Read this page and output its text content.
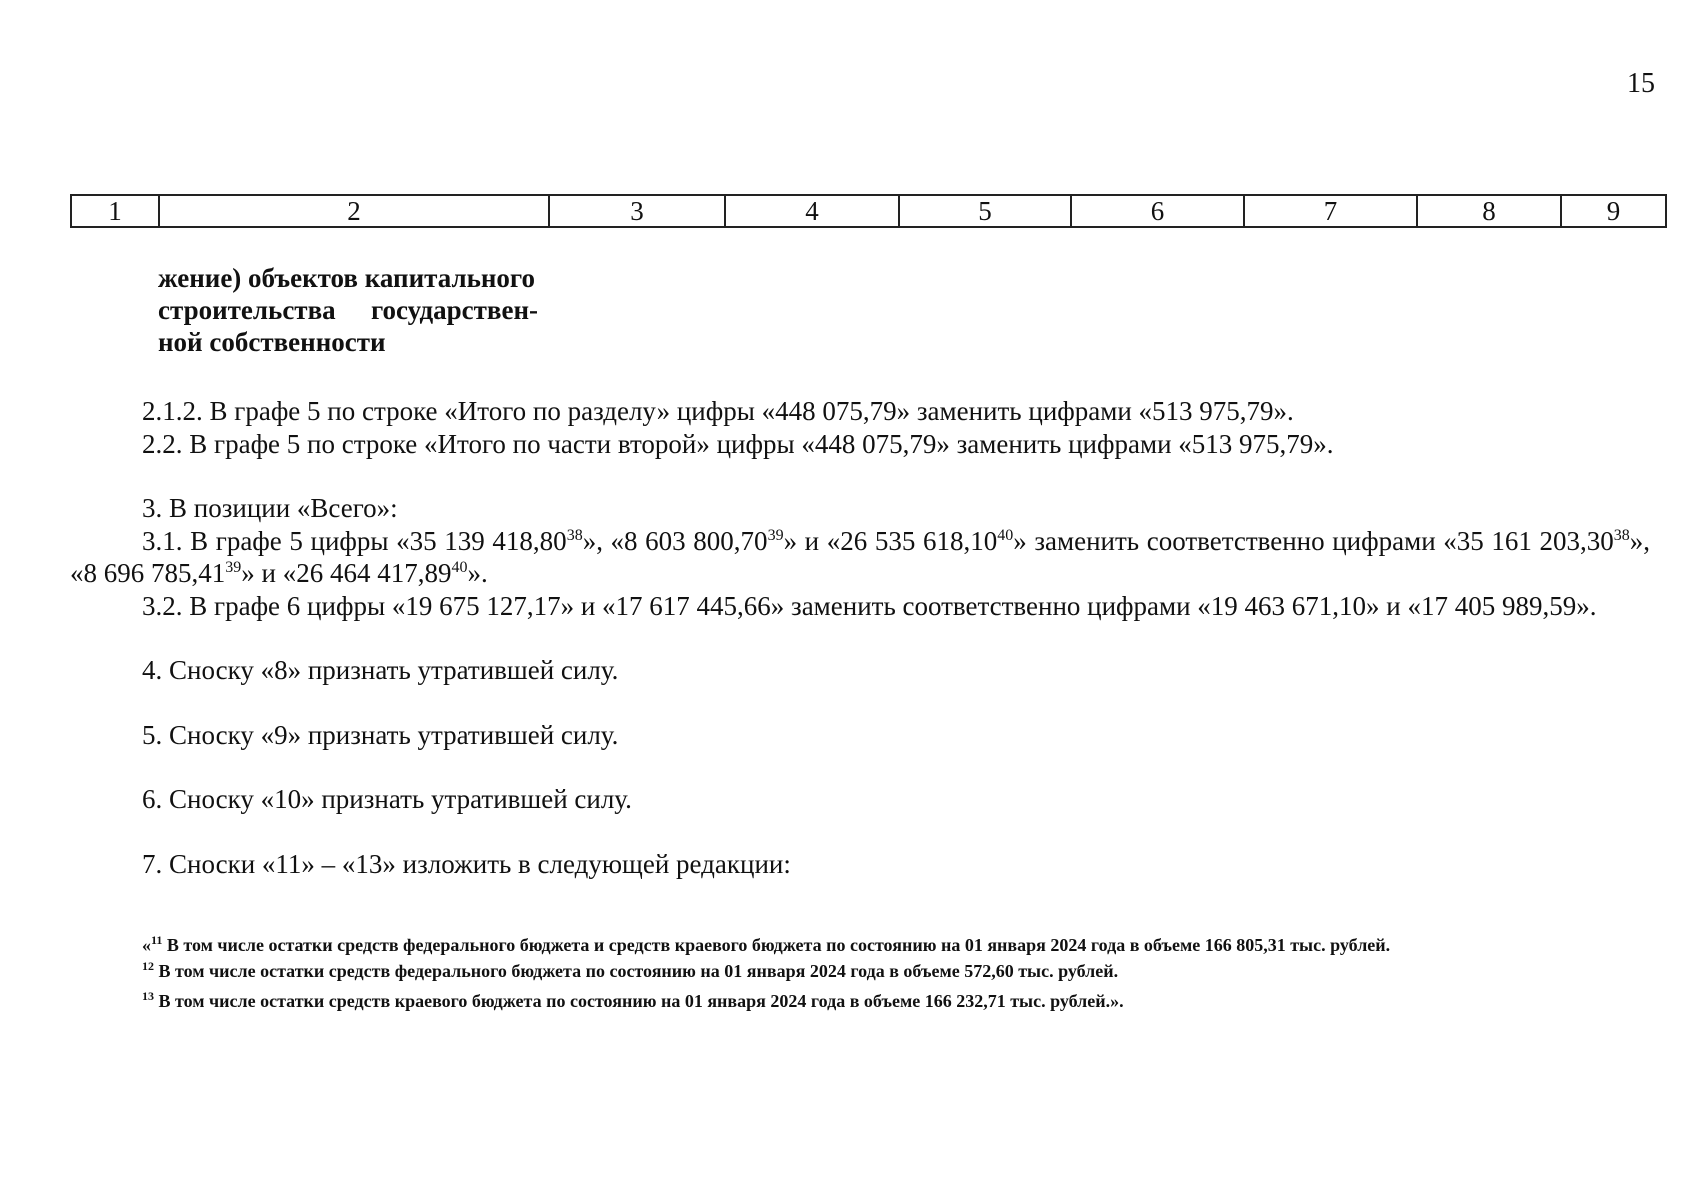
15
1	2	3	4	5	6	7	8	9
жение) объектов капитального
строительства государствен-
ной собственности

2.1.2. В графе 5 по строке «Итого по разделу» цифры «448 075,79» заменить цифрами «513 975,79».

2.2. В графе 5 по строке «Итого по части второй» цифры «448 075,79» заменить цифрами «513 975,79».

3. В позиции «Всего»:

3.1. В графе 5 цифры «35 139 418,80$^{38}$», «8 603 800,70$^{39}$» и «26 535 618,10$^{40}$» заменить соответственно цифрами «35 161 203,30$^{38}$», «8 696 785,41$^{39}$» и «26 464 417,89$^{40}$».

3.2. В графе 6 цифры «19 675 127,17» и «17 617 445,66» заменить соответственно цифрами «19 463 671,10» и «17 405 989,59».

4. Сноску «8» признать утратившей силу.

5. Сноску «9» признать утратившей силу.

6. Сноску «10» признать утратившей силу.

7. Сноски «11» – «13» изложить в следующей редакции:

«$^{11}$ В том числе остатки средств федерального бюджета и средств краевого бюджета по состоянию на 01 января 2024 года в объеме 166 805,31 тыс. рублей.
$^{12}$ В том числе остатки средств федерального бюджета по состоянию на 01 января 2024 года в объеме 572,60 тыс. рублей.
$^{13}$ В том числе остатки средств краевого бюджета по состоянию на 01 января 2024 года в объеме 166 232,71 тыс. рублей.».
